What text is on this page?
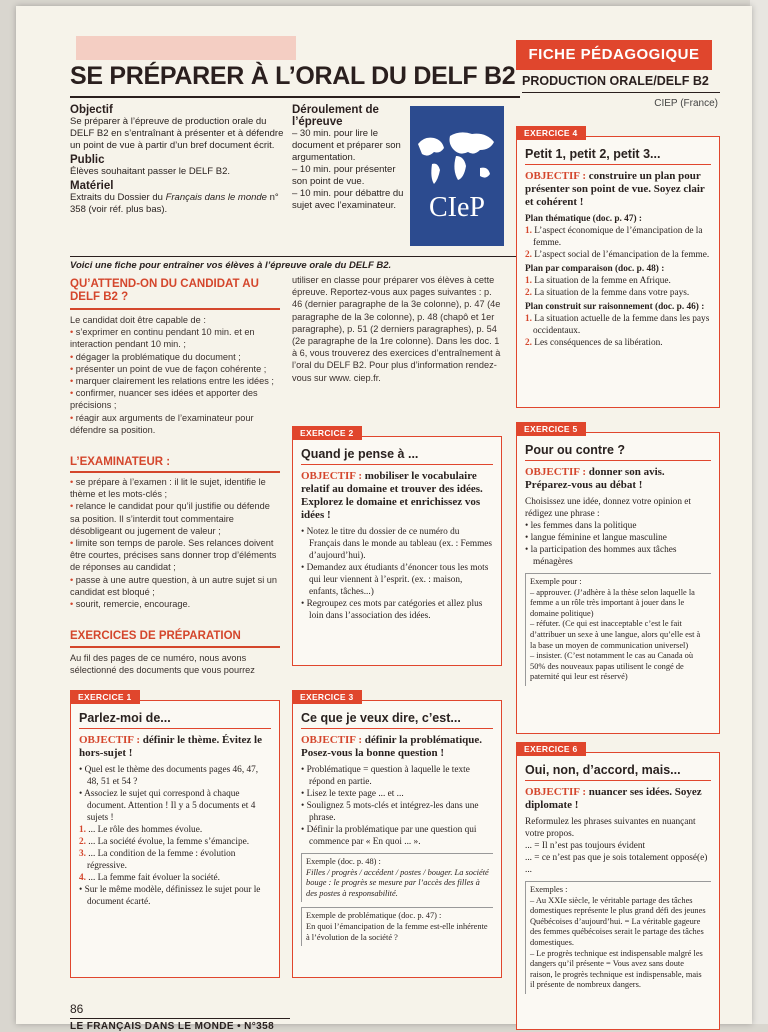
SE PRÉPARER À L’ORAL DU DELF B2
FICHE PÉDAGOGIQUE
PRODUCTION ORALE/DELF B2
CIEP (France)
Objectif

Se préparer à l’épreuve de production orale du DELF B2 en s’entraînant à présenter et à défendre un point de vue à partir d’un bref document écrit.

Public

Élèves souhaitant passer le DELF B2.

Matériel

Extraits du Dossier du Français dans le monde n° 358 (voir réf. plus bas).

Déroulement de l’épreuve

– 30 min. pour lire le document et préparer son argumentation.

– 10 min. pour présenter son point de vue.

– 10 min. pour débattre du sujet avec l’examinateur. CIeP
Voici une fiche pour entraîner vos élèves à l’épreuve orale du DELF B2.
QU’ATTEND-ON DU CANDIDAT AU DELF B2 ?
Le candidat doit être capable de :
• s’exprimer en continu pendant 10 min. et en interaction pendant 10 min. ;
• dégager la problématique du document ;
• présenter un point de vue de façon cohérente ;
• marquer clairement les relations entre les idées ;
• confirmer, nuancer ses idées et apporter des précisions ;
• réagir aux arguments de l’examinateur pour défendre sa position.
L’EXAMINATEUR :
• se prépare à l’examen : il lit le sujet, identifie le thème et les mots-clés ;
• relance le candidat pour qu’il justifie ou défende sa position. Il s’interdit tout commentaire désobligeant ou jugement de valeur ;
• limite son temps de parole. Ses relances doivent être courtes, précises sans donner trop d’éléments de réponses au candidat ;
• passe à une autre question, à un autre sujet si un candidat est bloqué ;
• sourit, remercie, encourage.
EXERCICES DE PRÉPARATION
Au fil des pages de ce numéro, nous avons sélectionné des documents que vous pourrez
utiliser en classe pour préparer vos élèves à cette épreuve. Reportez-vous aux pages suivantes : p. 46 (dernier paragraphe de la 3e colonne), p. 47 (4e paragraphe de la 3e colonne), p. 48 (chapô et 1er paragraphe), p. 51 (2 derniers paragraphes), p. 54 (2e paragraphe de la 1re colonne). Dans les doc. 1 à 6, vous trouverez des exercices d’entraînement à l’oral du DELF B2. Pour plus d’information rendez-vous sur www. ciep.fr.
EXERCICE 2
Quand je pense à ...
OBJECTIF : mobiliser le vocabulaire relatif au domaine et trouver des idées. Explorez le domaine et enrichissez vos idées !
• Notez le titre du dossier de ce numéro du Français dans le monde au tableau (ex. : Femmes d’aujourd’hui).
• Demandez aux étudiants d’énoncer tous les mots qui leur viennent à l’esprit. (ex. : maison, enfants, tâches...)
• Regroupez ces mots par catégories et allez plus loin dans l’association des idées.
EXERCICE 1
Parlez-moi de...
OBJECTIF : définir le thème. Évitez le hors-sujet !
• Quel est le thème des documents pages 46, 47, 48, 51 et 54 ?
• Associez le sujet qui correspond à chaque document. Attention ! Il y a 5 documents et 4 sujets !
1. ... Le rôle des hommes évolue.
2. ... La société évolue, la femme s’émancipe.
3. ... La condition de la femme : évolution régressive.
4. ... La femme fait évoluer la société.
• Sur le même modèle, définissez le sujet pour le document écarté.
EXERCICE 3
Ce que je veux dire, c’est...
OBJECTIF : définir la problématique. Posez-vous la bonne question !
• Problématique = question à laquelle le texte répond en partie.
• Lisez le texte page ... et ...
• Soulignez 5 mots-clés et intégrez-les dans une phrase.
• Définir la problématique par une question qui commence par « En quoi ... ».
Exemple (doc. p. 48) :
Filles / progrès / accédent / postes / bouger. La société bouge : le progrès se mesure par l’accès des filles à des postes à responsabilité.
Exemple de problématique (doc. p. 47) :
En quoi l’émancipation de la femme est-elle inhérente à l’évolution de la société ?
EXERCICE 4
Petit 1, petit 2, petit 3...
OBJECTIF : construire un plan pour présenter son point de vue. Soyez clair et cohérent !
Plan thématique (doc. p. 47) :
1. L’aspect économique de l’émancipation de la femme.
2. L’aspect social de l’émancipation de la femme.
Plan par comparaison (doc. p. 48) :
1. La situation de la femme en Afrique.
2. La situation de la femme dans votre pays.
Plan construit sur raisonnement (doc. p. 46) :
1. La situation actuelle de la femme dans les pays occidentaux.
2. Les conséquences de sa libération.
EXERCICE 5
Pour ou contre ?
OBJECTIF : donner son avis. Préparez-vous au débat !
Choisissez une idée, donnez votre opinion et rédigez une phrase :
• les femmes dans la politique
• langue féminine et langue masculine
• la participation des hommes aux tâches ménagères
Exemple pour :
– approuver. (J’adhère à la thèse selon laquelle la femme a un rôle très important à jouer dans le domaine politique)
– réfuter. (Ce qui est inacceptable c’est le fait d’attribuer un sexe à une langue, alors qu’elle est à la base un moyen de communication universel)
– insister. (C’est notamment le cas au Canada où 50% des nouveaux papas utilisent le congé de paternité qui leur est réservé)
EXERCICE 6
Oui, non, d’accord, mais...
OBJECTIF : nuancer ses idées. Soyez diplomate !
Reformulez les phrases suivantes en nuançant votre propos.
... = Il n’est pas toujours évident
... = ce n’est pas que je sois totalement opposé(e) ...
Exemples :
– Au XXIe siècle, le véritable partage des tâches domestiques représente le plus grand défi des jeunes Québécoises d’aujourd’hui. = La véritable gageure des femmes québécoises serait le partage des tâches domestiques.
– Le progrès technique est indispensable malgré les dangers qu’il présente = Vous avez sans doute raison, le progrès technique est indispensable, mais il présente de nombreux dangers.
86
LE FRANÇAIS DANS LE MONDE • N°358
